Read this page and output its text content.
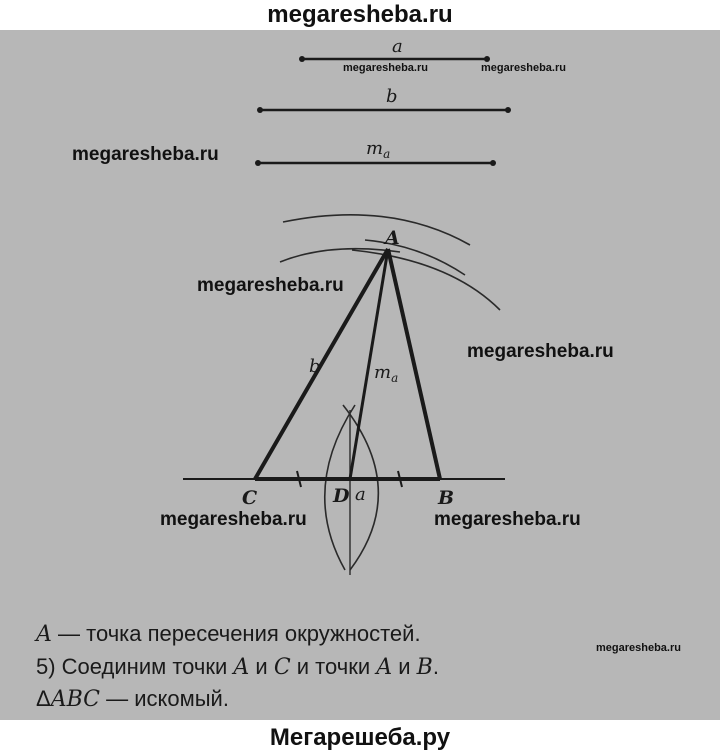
megaresheba.ru
a
b
$m_a$
A
C	D	B
b
a
$m_a$
megaresheba.ru	megaresheba.ru
megaresheba.ru
megaresheba.ru
megaresheba.ru
megaresheba.ru	megaresheba.ru
megaresheba.ru
A — точка пересечения окружностей.
5) Соединим точки A и C и точки A и B.
ΔABC — искомый.
Мегарешеба.ру
